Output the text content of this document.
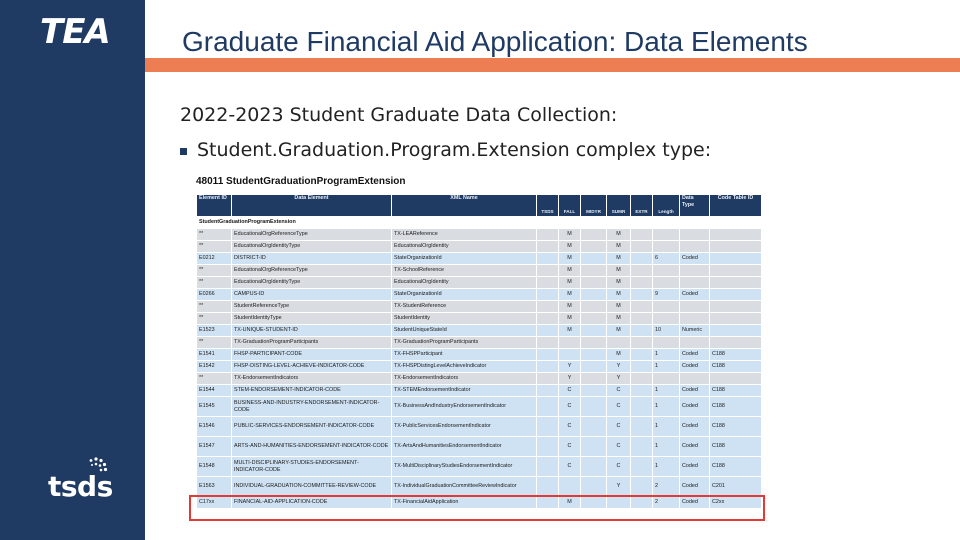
TEA
tsds
Graduate Financial Aid Application: Data Elements
2022-2023 Student Graduate Data Collection:
Student.Graduation.Program.Extension complex type:
48011 StudentGraduationProgramExtension
Element ID	Data Element	XML Name	TSDS	FALL	MIDYR	SUMR	EXTR	Length	Data Type	Code Table ID
StudentGraduationProgramExtension										
**	EducationalOrgReferenceType	TX-LEAReference		M		M				
**	EducationalOrgIdentityType	EducationalOrgIdentity		M		M				
E0212	DISTRICT-ID	StateOrganizationId		M		M		6	Coded	
**	EducationalOrgReferenceType	TX-SchoolReference		M		M				
**	EducationalOrgIdentityType	EducationalOrgIdentity		M		M				
E0266	CAMPUS-ID	StateOrganizationId		M		M		9	Coded	
**	StudentReferenceType	TX-StudentReference		M		M				
**	StudentIdentityType	StudentIdentity		M		M				
E1523	TX-UNIQUE-STUDENT-ID	StudentUniqueStateId		M		M		10	Numeric	
**	TX-GraduationProgramParticipants	TX-GraduationProgramParticipants								
E1541	FHSP-PARTICIPANT-CODE	TX-FHSPParticipant				M		1	Coded	C188
E1542	FHSP-DISTING-LEVEL-ACHIEVE-INDICATOR-CODE	TX-FHSPDistingLevelAchieveIndicator		Y		Y		1	Coded	C188
**	TX-EndorsementIndicators	TX-EndorsementIndicators		Y		Y				
E1544	STEM-ENDORSEMENT-INDICATOR-CODE	TX-STEMEndorsementIndicator		C		C		1	Coded	C188
E1545	BUSINESS-AND-INDUSTRY-ENDORSEMENT-INDICATOR-CODE	TX-BusinessAndIndustryEndorsementIndicator		C		C		1	Coded	C188
E1546	PUBLIC-SERVICES-ENDORSEMENT-INDICATOR-CODE	TX-PublicServicesEndorsementIndicator		C		C		1	Coded	C188
E1547	ARTS-AND-HUMANITIES-ENDORSEMENT-INDICATOR-CODE	TX-ArtsAndHumanitiesEndorsementIndicator		C		C		1	Coded	C188
E1548	MULTI-DISCIPLINARY-STUDIES-ENDORSEMENT-INDICATOR-CODE	TX-MultiDisciplinaryStudiesEndorsementIndicator		C		C		1	Coded	C188
E1563	INDIVIDUAL-GRADUATION-COMMITTEE-REVIEW-CODE	TX-IndividualGraduationCommitteeReviewIndicator				Y		2	Coded	C201
C17xx	FINANCIAL-AID-APPLICATION-CODE	TX-FinancialAidApplication		M				2	Coded	C2xx
